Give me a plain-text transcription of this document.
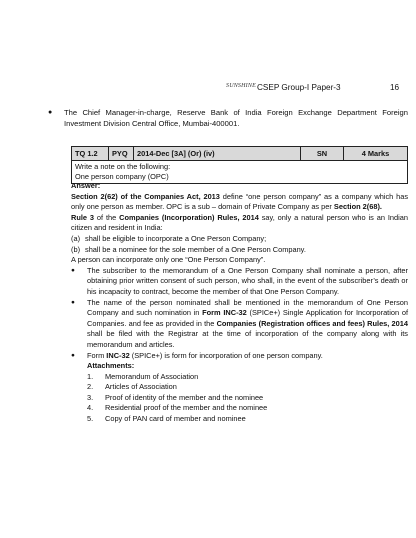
SUNSHINE CSEP Group-I Paper-3	16
● The Chief Manager-in-charge, Reserve Bank of India Foreign Exchange Department Foreign Investment Division Central Office, Mumbai-400001.
TQ 1.2	PYQ	2014-Dec [3A] (Or) (iv)	SN	4 Marks

Write a note on the following:
One person company (OPC)

Answer:

Section 2(62) of the Companies Act, 2013 define “one person company” as a company which has only one person as member. OPC is a sub – domain of Private Company as per Section 2(68).

Rule 3 of the Companies (Incorporation) Rules, 2014 say, only a natural person who is an Indian citizen and resident in India:

(a) shall be eligible to incorporate a One Person Company;

(b) shall be a nominee for the sole member of a One Person Company.

A person can incorporate only one “One Person Company”.

● The subscriber to the memorandum of a One Person Company shall nominate a person, after obtaining prior written consent of such person, who shall, in the event of the subscriber’s death or his incapacity to contract, become the member of that One Person Company.

● The name of the person nominated shall be mentioned in the memorandum of One Person Company and such nomination in Form INC-32 (SPICe+) Single Application for Incorporation of Companies. and fee as provided in the Companies (Registration offices and fees) Rules, 2014 shall be filed with the Registrar at the time of incorporation of the company along with its memorandum and articles.

● Form INC-32 (SPICe+) is form for incorporation of one person company.

Attachments:

1. Memorandum of Association

2. Articles of Association

3. Proof of identity of the member and the nominee

4. Residential proof of the member and the nominee

5. Copy of PAN card of member and nominee
